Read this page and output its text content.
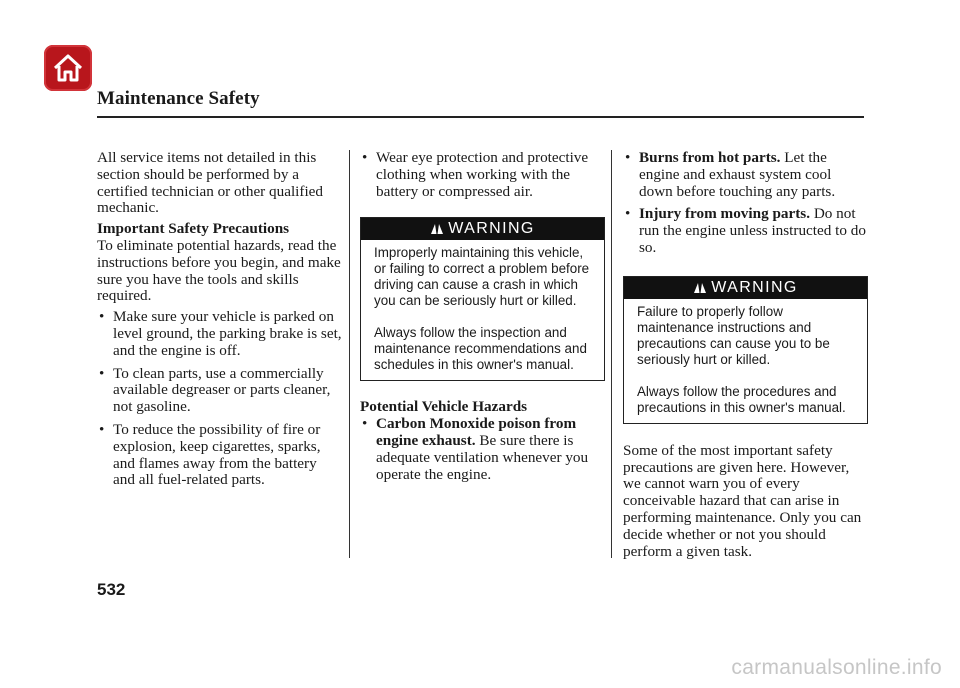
Maintenance Safety

All service items not detailed in this section should be performed by a certified technician or other qualified mechanic.

Important Safety Precautions

To eliminate potential hazards, read the instructions before you begin, and make sure you have the tools and skills required.

• Make sure your vehicle is parked on level ground, the parking brake is set, and the engine is off.

• To clean parts, use a commercially available degreaser or parts cleaner, not gasoline.

• To reduce the possibility of fire or explosion, keep cigarettes, sparks, and flames away from the battery and all fuel-related parts.

• Wear eye protection and protective clothing when working with the battery or compressed air.

WARNING

Improperly maintaining this vehicle, or failing to correct a problem before driving can cause a crash in which you can be seriously hurt or killed.

Always follow the inspection and maintenance recommendations and schedules in this owner's manual.

Potential Vehicle Hazards

• Carbon Monoxide poison from engine exhaust. Be sure there is adequate ventilation whenever you operate the engine.

• Burns from hot parts. Let the engine and exhaust system cool down before touching any parts.

• Injury from moving parts. Do not run the engine unless instructed to do so.

WARNING

Failure to properly follow maintenance instructions and precautions can cause you to be seriously hurt or killed.

Always follow the procedures and precautions in this owner's manual.

Some of the most important safety precautions are given here. However, we cannot warn you of every conceivable hazard that can arise in performing maintenance. Only you can decide whether or not you should perform a given task.

532
carmanualsonline.info
